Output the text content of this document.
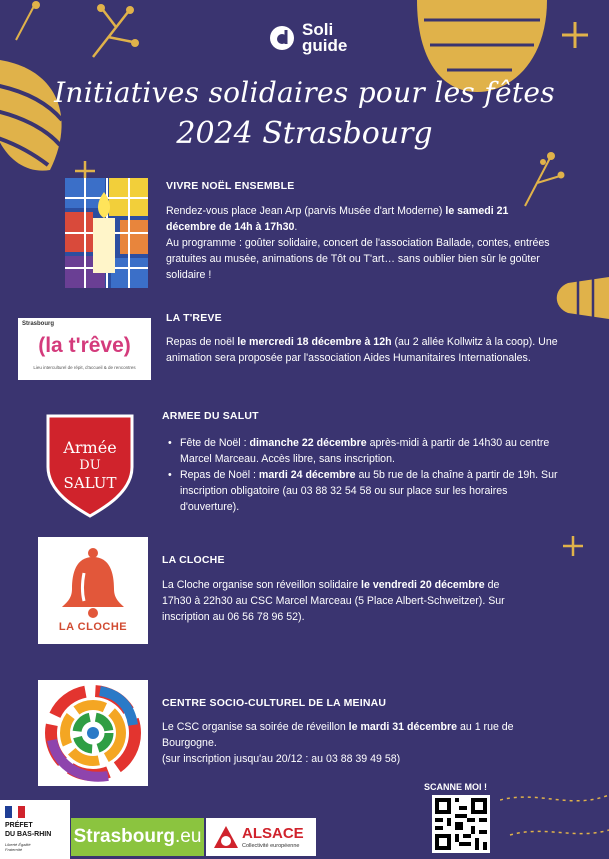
Soli
guide
Initiatives solidaires pour les fêtes
2024 Strasbourg
VIVRE NOËL ENSEMBLE
Rendez-vous place Jean Arp (parvis Musée d'art Moderne) le samedi 21 décembre de 14h à 17h30.
Au programme : goûter solidaire, concert de l'association Ballade, contes, entrées gratuites au musée, animations de Tôt ou T'art… sans oublier bien sûr le goûter solidaire !
Strasbourg
(la t'rêve)
Lieu interculturel de répit, d'accueil & de rencontres
LA T'REVE
Repas de noël le mercredi 18 décembre à 12h (au 2 allée Kollwitz à la coop). Une animation sera proposée par l'association Aides Humanitaires Internationales.
Armée
DU
SALUT
ARMEE DU SALUT
• Fête de Noël : dimanche 22 décembre après-midi à partir de 14h30 au centre Marcel Marceau. Accès libre, sans inscription.
• Repas de Noël : mardi 24 décembre au 5b rue de la chaîne à partir de 19h. Sur inscription obligatoire (au 03 88 32 54 58 ou sur place sur les horaires d'ouverture).
LA CLOCHE
LA CLOCHE
La Cloche organise son réveillon solidaire le vendredi 20 décembre de 17h30 à 22h30 au CSC Marcel Marceau (5 Place Albert-Schweitzer). Sur inscription au 06 56 78 96 52).
CENTRE SOCIO-CULTUREL DE LA MEINAU
Le CSC organise sa soirée de réveillon le mardi 31 décembre au 1 rue de Bourgogne.
(sur inscription jusqu'au 20/12 : au 03 88 39 49 58)
SCANNE MOI !
PRÉFET
DU BAS-RHIN
Liberté Égalité Fraternité
Strasbourg .eu	ALSACE
Collectivité européenne
